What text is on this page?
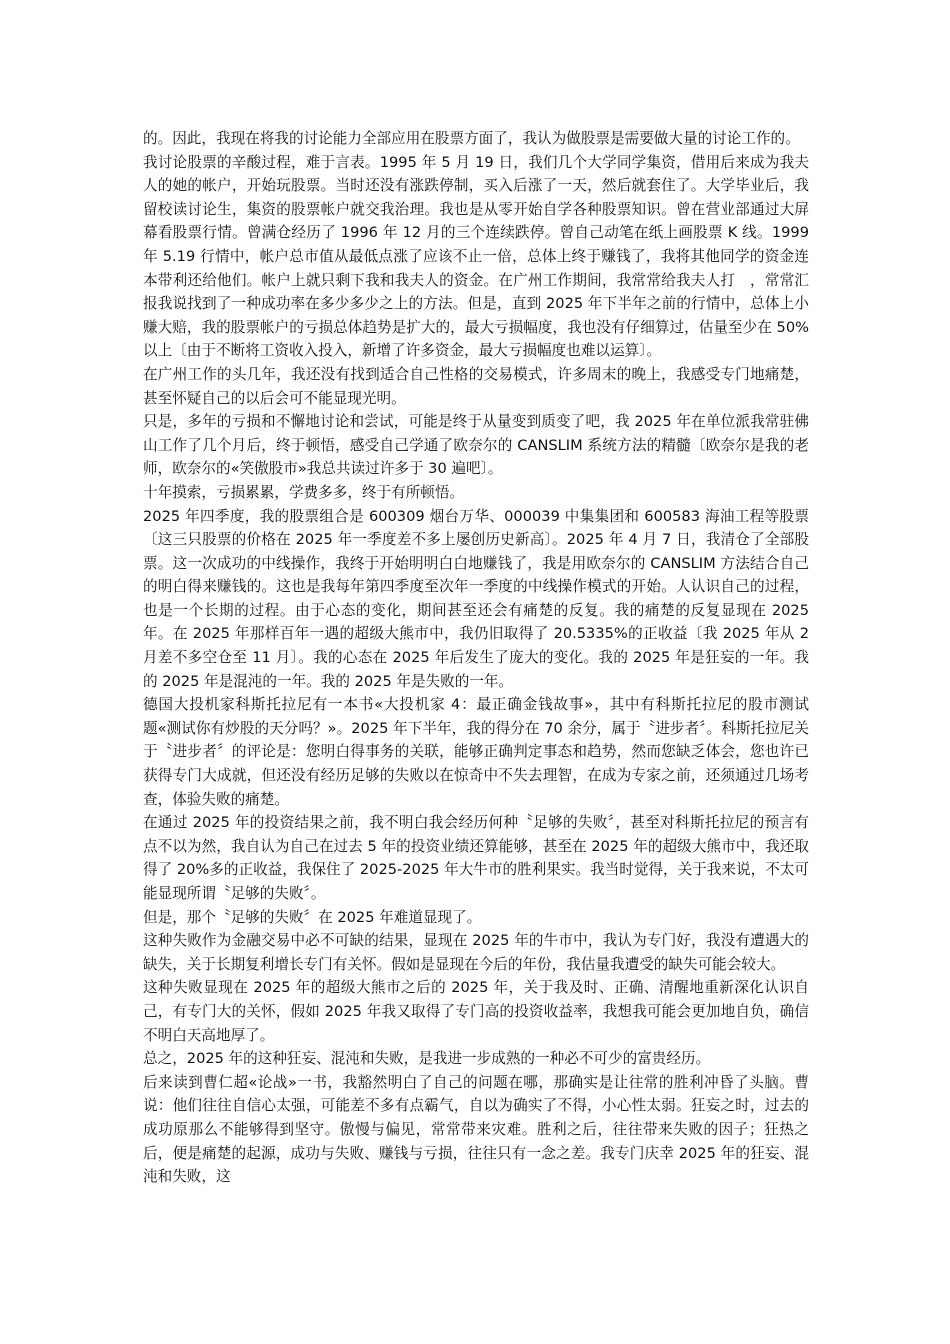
的。因此，我现在将我的讨论能力全部应用在股票方面了，我认为做股票是需要做大量的讨论工作的。

我讨论股票的辛酸过程，难于言表。1995 年 5 月 19 日，我们几个大学同学集资，借用后来成为我夫人的她的帐户，开始玩股票。当时还没有涨跌停制，买入后涨了一天，然后就套住了。大学毕业后，我留校读讨论生，集资的股票帐户就交我治理。我也是从零开始自学各种股票知识。曾在营业部通过大屏幕看股票行情。曾满仓经历了 1996 年 12 月的三个连续跌停。曾自己动笔在纸上画股票 K 线。1999 年 5.19 行情中，帐户总市值从最低点涨了应该不止一倍，总体上终于赚钱了，我将其他同学的资金连本带利还给他们。帐户上就只剩下我和我夫人的资金。在广州工作期间，我常常给我夫人打　，常常汇报我说找到了一种成功率在多少多少之上的方法。但是，直到 2025 年下半年之前的行情中，总体上小赚大赔，我的股票帐户的亏损总体趋势是扩大的，最大亏损幅度，我也没有仔细算过，估量至少在 50%以上〔由于不断将工资收入投入，新增了许多资金，最大亏损幅度也难以运算〕。

在广州工作的头几年，我还没有找到适合自己性格的交易模式，许多周末的晚上，我感受专门地痛楚，甚至怀疑自己的以后会可不能显现光明。

只是，多年的亏损和不懈地讨论和尝试，可能是终于从量变到质变了吧，我 2025 年在单位派我常驻佛山工作了几个月后，终于顿悟，感受自己学通了欧奈尔的 CANSLIM 系统方法的精髓〔欧奈尔是我的老师，欧奈尔的«笑傲股市»我总共读过许多于 30 遍吧〕。

十年摸索，亏损累累，学费多多，终于有所顿悟。

2025 年四季度，我的股票组合是 600309 烟台万华、000039 中集集团和 600583 海油工程等股票〔这三只股票的价格在 2025 年一季度差不多上屡创历史新高〕。2025 年 4 月 7 日，我清仓了全部股票。这一次成功的中线操作，我终于开始明明白白地赚钱了，我是用欧奈尔的 CANSLIM 方法结合自己的明白得来赚钱的。这也是我每年第四季度至次年一季度的中线操作模式的开始。人认识自己的过程，也是一个长期的过程。由于心态的变化，期间甚至还会有痛楚的反复。我的痛楚的反复显现在 2025 年。在 2025 年那样百年一遇的超级大熊市中，我仍旧取得了 20.5335%的正收益〔我 2025 年从 2 月差不多空仓至 11 月〕。我的心态在 2025 年后发生了庞大的变化。我的 2025 年是狂妄的一年。我的 2025 年是混沌的一年。我的 2025 年是失败的一年。

德国大投机家科斯托拉尼有一本书«大投机家 4：最正确金钱故事»，其中有科斯托拉尼的股市测试题«测试你有炒股的天分吗？»。2025 年下半年，我的得分在 70 余分，属于〝进步者〞。科斯托拉尼关于〝进步者〞的评论是：您明白得事务的关联，能够正确判定事态和趋势，然而您缺乏体会，您也许已获得专门大成就，但还没有经历足够的失败以在惊奇中不失去理智，在成为专家之前，还须通过几场考查，体验失败的痛楚。

在通过 2025 年的投资结果之前，我不明白我会经历何种〝足够的失败〞，甚至对科斯托拉尼的预言有点不以为然，我自认为自己在过去 5 年的投资业绩还算能够，甚至在 2025 年的超级大熊市中，我还取得了 20%多的正收益，我保住了 2025-2025 年大牛市的胜利果实。我当时觉得，关于我来说，不太可能显现所谓〝足够的失败〞。

但是，那个〝足够的失败〞在 2025 年难道显现了。

这种失败作为金融交易中必不可缺的结果，显现在 2025 年的牛市中，我认为专门好，我没有遭遇大的缺失，关于长期复利增长专门有关怀。假如是显现在今后的年份，我估量我遭受的缺失可能会较大。

这种失败显现在 2025 年的超级大熊市之后的 2025 年，关于我及时、正确、清醒地重新深化认识自己，有专门大的关怀，假如 2025 年我又取得了专门高的投资收益率，我想我可能会更加地自负，确信不明白天高地厚了。

总之，2025 年的这种狂妄、混沌和失败，是我进一步成熟的一种必不可少的富贵经历。

后来读到曹仁超«论战»一书，我豁然明白了自己的问题在哪，那确实是让往常的胜利冲昏了头脑。曹说：他们往往自信心太强，可能差不多有点霸气，自以为确实了不得，小心性太弱。狂妄之时，过去的成功原那么不能够得到坚守。傲慢与偏见，常常带来灾难。胜利之后，往往带来失败的因子；狂热之后，便是痛楚的起源，成功与失败、赚钱与亏损，往往只有一念之差。我专门庆幸 2025 年的狂妄、混沌和失败，这
